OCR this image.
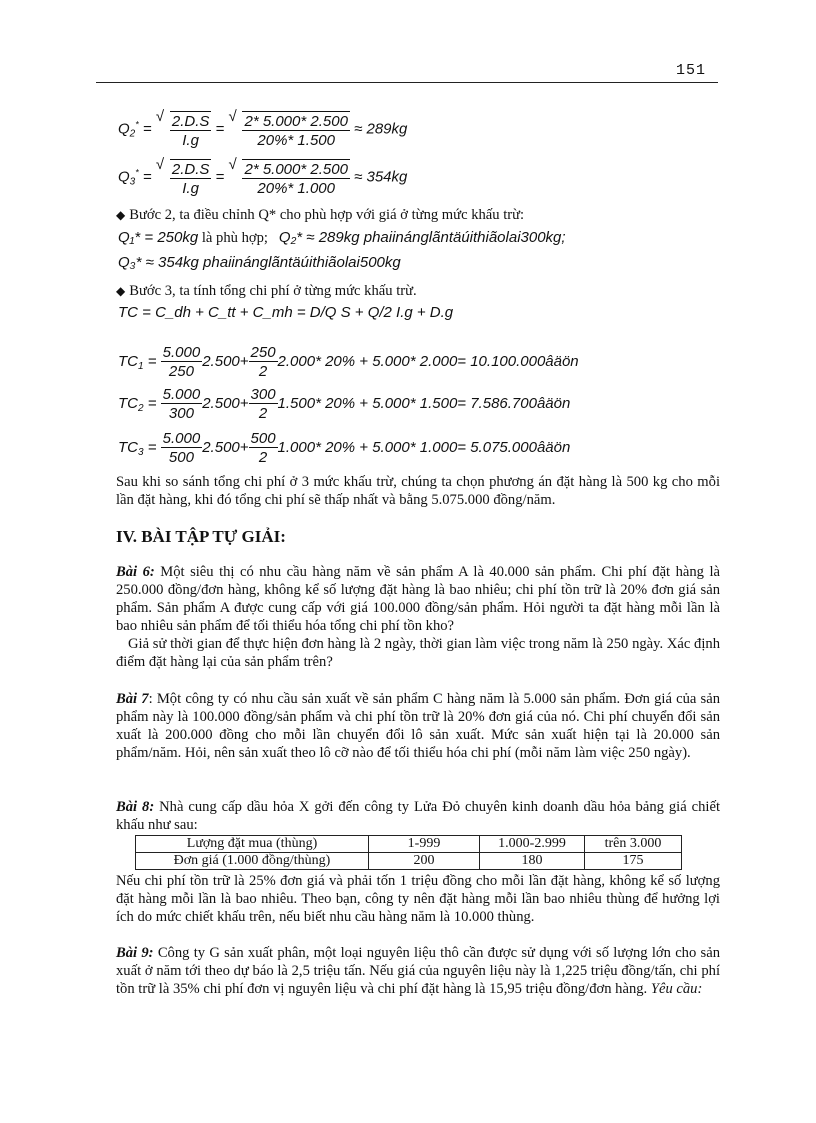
151
$Q_2^*$ =
√ $\frac{2.D.S}{I.g}$ =
√ $\frac{2* 5.000* 2.500}{20\%* 1.500} \approx 289kg$
$Q_3^*$ =
√ $\frac{2.D.S}{I.g}$ =
√ $\frac{2* 5.000* 2.500}{20\%* 1.000} \approx 354kg$
◆ Bước 2, ta điều chỉnh Q* cho phù hợp với giá ở từng mức khấu trừ:
Q₁* = 250kg là phù hợp; Q₂* ≈ 289kg phaiinánglãntäúithiãolai300kg;
Q₃* ≈ 354kg phaiinánglãntäúithiãolai500kg
◆ Bước 3, ta tính tổng chi phí ở từng mức khấu trừ.
TC = C_dh + C_tt + C_mh = D/Q S + Q/2 I.g + D.g
$TC_1 = \frac{5.000}{250} 2.500+ \frac{250}{2} 2.000*$ 20% + 5.000* 2.000= 10.100.000âäön
$TC_2 = \frac{5.000}{300} 2.500+ \frac{300}{2} 1.500*$ 20% + 5.000* 1.500= 7.586.700âäön
$TC_3 = \frac{5.000}{500} 2.500+ \frac{500}{2} 1.000*$ 20% + 5.000* 1.000= 5.075.000âäön
Sau khi so sánh tổng chi phí ở 3 mức khấu trừ, chúng ta chọn phương án đặt hàng là 500 kg cho mỗi lần đặt hàng, khi đó tổng chi phí sẽ thấp nhất và bằng 5.075.000 đồng/năm.
IV. BÀI TẬP TỰ GIẢI:
Bài 6: Một siêu thị có nhu cầu hàng năm về sản phẩm A là 40.000 sản phẩm. Chi phí đặt hàng là 250.000 đồng/đơn hàng, không kể số lượng đặt hàng là bao nhiêu; chi phí tồn trữ là 20% đơn giá sản phẩm. Sản phẩm A được cung cấp với giá 100.000 đồng/sản phẩm. Hỏi người ta đặt hàng mỗi lần là bao nhiêu sản phẩm để tối thiểu hóa tổng chi phí tồn kho?
Giả sử thời gian để thực hiện đơn hàng là 2 ngày, thời gian làm việc trong năm là 250 ngày. Xác định điểm đặt hàng lại của sản phẩm trên?
Bài 7: Một công ty có nhu cầu sản xuất về sản phẩm C hàng năm là 5.000 sản phẩm. Đơn giá của sản phẩm này là 100.000 đồng/sản phẩm và chi phí tồn trữ là 20% đơn giá của nó. Chi phí chuyển đổi sản xuất là 200.000 đồng cho mỗi lần chuyển đổi lô sản xuất. Mức sản xuất hiện tại là 20.000 sản phẩm/năm. Hỏi, nên sản xuất theo lô cỡ nào để tối thiểu hóa chi phí (mỗi năm làm việc 250 ngày).
Bài 8: Nhà cung cấp dầu hỏa X gởi đến công ty Lửa Đỏ chuyên kinh doanh dầu hỏa bảng giá chiết khấu như sau:
Lượng đặt mua (thùng)	1-999	1.000-2.999	trên 3.000
Đơn giá (1.000 đồng/thùng)	200	180	175
Nếu chi phí tồn trữ là 25% đơn giá và phải tốn 1 triệu đồng cho mỗi lần đặt hàng, không kể số lượng đặt hàng mỗi lần là bao nhiêu. Theo bạn, công ty nên đặt hàng mỗi lần bao nhiêu thùng để hưởng lợi ích do mức chiết khấu trên, nếu biết nhu cầu hàng năm là 10.000 thùng.
Bài 9: Công ty G sản xuất phân, một loại nguyên liệu thô cần được sử dụng với số lượng lớn cho sản xuất ở năm tới theo dự báo là 2,5 triệu tấn. Nếu giá của nguyên liệu này là 1,225 triệu đồng/tấn, chi phí tồn trữ là 35% chi phí đơn vị nguyên liệu và chi phí đặt hàng là 15,95 triệu đồng/đơn hàng. Yêu cầu:
